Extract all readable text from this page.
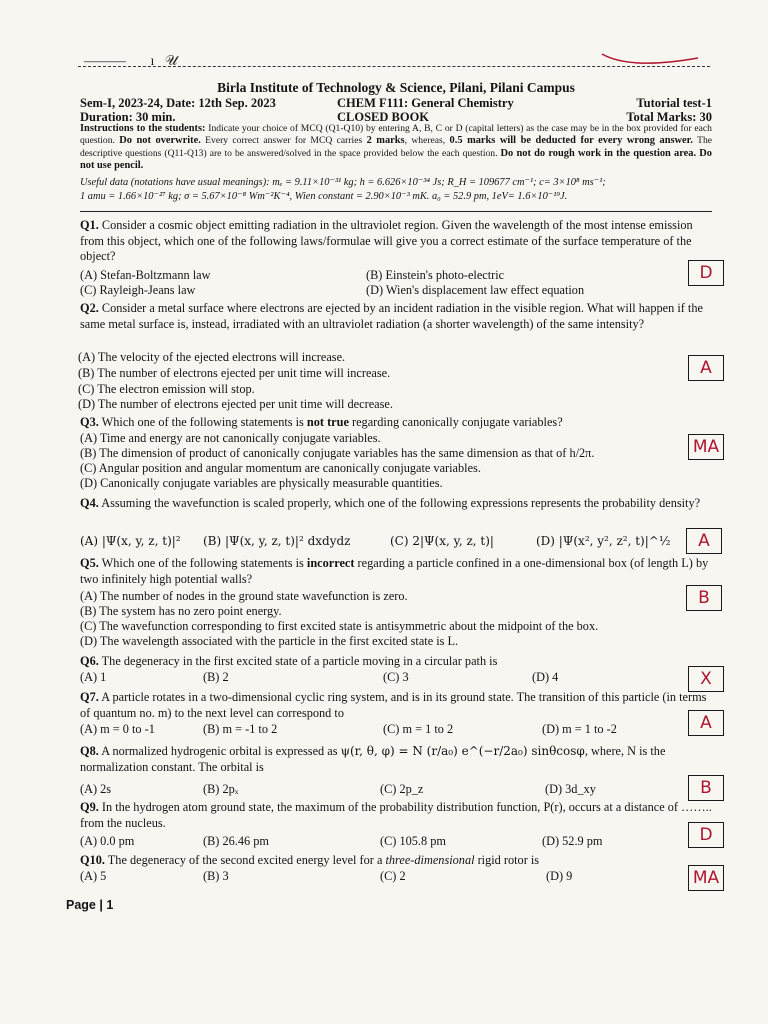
‒‒‒‒‒‒       ı   𝒰
Birla Institute of Technology & Science, Pilani, Pilani Campus
Sem-I, 2023-24, Date: 12th Sep. 2023	CHEM F111: General Chemistry	Tutorial test-1
Duration: 30 min.	CLOSED BOOK	Total Marks: 30
Instructions to the students: Indicate your choice of MCQ (Q1-Q10) by entering A, B, C or D (capital letters) as the case may be in the box provided for each question. Do not overwrite. Every correct answer for MCQ carries 2 marks, whereas, 0.5 marks will be deducted for every wrong answer. The descriptive questions (Q11-Q13) are to be answered/solved in the space provided below the each question. Do not do rough work in the question area. Do not use pencil.
Useful data (notations have usual meanings): mₑ = 9.11×10⁻³¹ kg; h = 6.626×10⁻³⁴ Js; R_H = 109677 cm⁻¹; c= 3×10⁸ ms⁻¹;
1 amu = 1.66×10⁻²⁷ kg; σ = 5.67×10⁻⁸ Wm⁻²K⁻⁴, Wien constant = 2.90×10⁻³ mK. a₀ = 52.9 pm, 1eV= 1.6×10⁻¹⁹J.
Q1. Consider a cosmic object emitting radiation in the ultraviolet region. Given the wavelength of the most intense emission from this object, which one of the following laws/formulae will give you a correct estimate of the surface temperature of the object?
(A) Stefan-Boltzmann law	(B) Einstein's photo-electric
(C) Rayleigh-Jeans law	(D) Wien's displacement law effect equation
D
Q2. Consider a metal surface where electrons are ejected by an incident radiation in the visible region. What will happen if the same metal surface is, instead, irradiated with an ultraviolet radiation (a shorter wavelength) of the same intensity?
(A) The velocity of the ejected electrons will increase.
(B) The number of electrons ejected per unit time will increase.
(C) The electron emission will stop.
(D) The number of electrons ejected per unit time will decrease.
A
Q3. Which one of the following statements is not true regarding canonically conjugate variables?
(A) Time and energy are not canonically conjugate variables.
(B) The dimension of product of canonically conjugate variables has the same dimension as that of h/2π.
(C) Angular position and angular momentum are canonically conjugate variables.
(D) Canonically conjugate variables are physically measurable quantities.
MA
Q4. Assuming the wavefunction is scaled properly, which one of the following expressions represents the probability density?
(A) |Ψ(x, y, z, t)|² (B) |Ψ(x, y, z, t)|² dxdydz	(C) 2|Ψ(x, y, z, t)|	(D) |Ψ(x², y², z², t)|^½	A
Q5. Which one of the following statements is incorrect regarding a particle confined in a one-dimensional box (of length L) by two infinitely high potential walls?
(A) The number of nodes in the ground state wavefunction is zero.
(B) The system has no zero point energy.
(C) The wavefunction corresponding to first excited state is antisymmetric about the midpoint of the box.
(D) The wavelength associated with the particle in the first excited state is L.
B
Q6. The degeneracy in the first excited state of a particle moving in a circular path is
(A) 1	(B) 2	(C) 3	(D) 4	X
Q7. A particle rotates in a two-dimensional cyclic ring system, and is in its ground state. The transition of this particle (in terms of quantum no. m) to the next level can correspond to
(A) m = 0 to -1	(B) m = -1 to 2	(C) m = 1 to 2	(D) m = 1 to -2	A
Q8. A normalized hydrogenic orbital is expressed as ψ(r, θ, φ) = N (r/a₀) e^(−r/2a₀) sinθcosφ, where, N is the normalization constant. The orbital is
(A) 2s	(B) 2pₓ	(C) 2p_z	(D) 3d_xy	B
Q9. In the hydrogen atom ground state, the maximum of the probability distribution function, P(r), occurs at a distance of …….. from the nucleus.
(A) 0.0 pm	(B) 26.46 pm	(C) 105.8 pm	(D) 52.9 pm	D
Q10. The degeneracy of the second excited energy level for a three-dimensional rigid rotor is
(A) 5	(B) 3	(C) 2	(D) 9	MA
Page | 1
